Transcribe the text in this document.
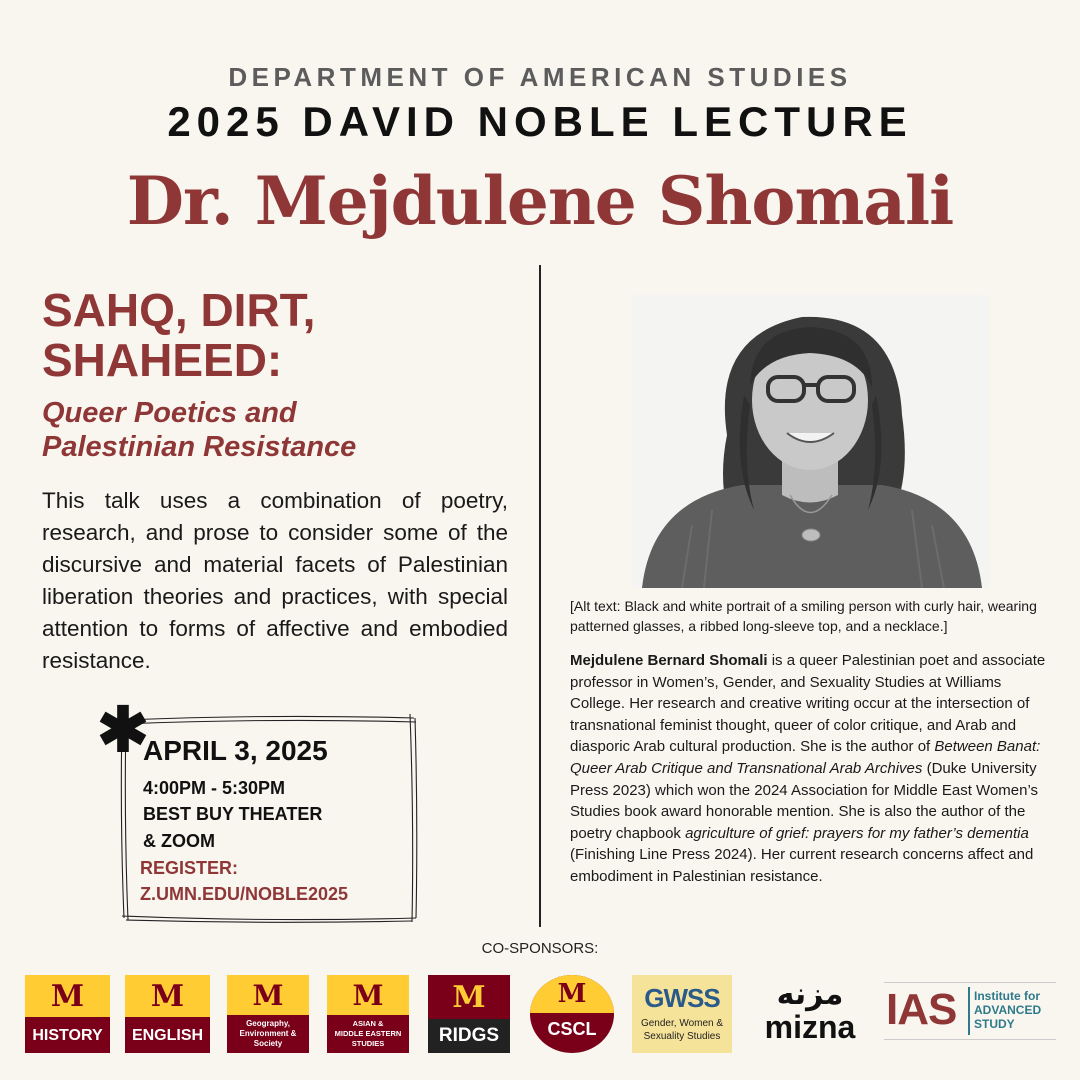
DEPARTMENT OF AMERICAN STUDIES
2025 DAVID NOBLE LECTURE
Dr. Mejdulene Shomali
SAHQ, DIRT,
SHAHEED:
Queer Poetics and
Palestinian Resistance
This talk uses a combination of poetry, research, and prose to consider some of the discursive and material facets of Palestinian liberation theories and practices, with special attention to forms of affective and embodied resistance.
✱
APRIL 3, 2025
4:00PM - 5:30PM
BEST BUY THEATER
& ZOOM
REGISTER:
Z.UMN.EDU/NOBLE2025
[Alt text: Black and white portrait of a smiling person with curly hair, wearing patterned glasses, a ribbed long-sleeve top, and a necklace.]
Mejdulene Bernard Shomali is a queer Palestinian poet and associate professor in Women’s, Gender, and Sexuality Studies at Williams College. Her research and creative writing occur at the intersection of transnational feminist thought, queer of color critique, and Arab and diasporic Arab cultural production. She is the author of Between Banat: Queer Arab Critique and Transnational Arab Archives (Duke University Press 2023) which won the 2024 Association for Middle East Women’s Studies book award honorable mention. She is also the author of the poetry chapbook agriculture of grief: prayers for my father’s dementia (Finishing Line Press 2024). Her current research concerns affect and embodiment in Palestinian resistance.
CO-SPONSORS:
M
HISTORY
M
ENGLISH
M
Geography,
Environment &
Society
M
ASIAN &
MIDDLE EASTERN
STUDIES
M
RIDGS
M
CSCL
GWSS
Gender, Women &
Sexuality Studies
مزنه
mizna IAS Institute for
ADVANCED
STUDY
